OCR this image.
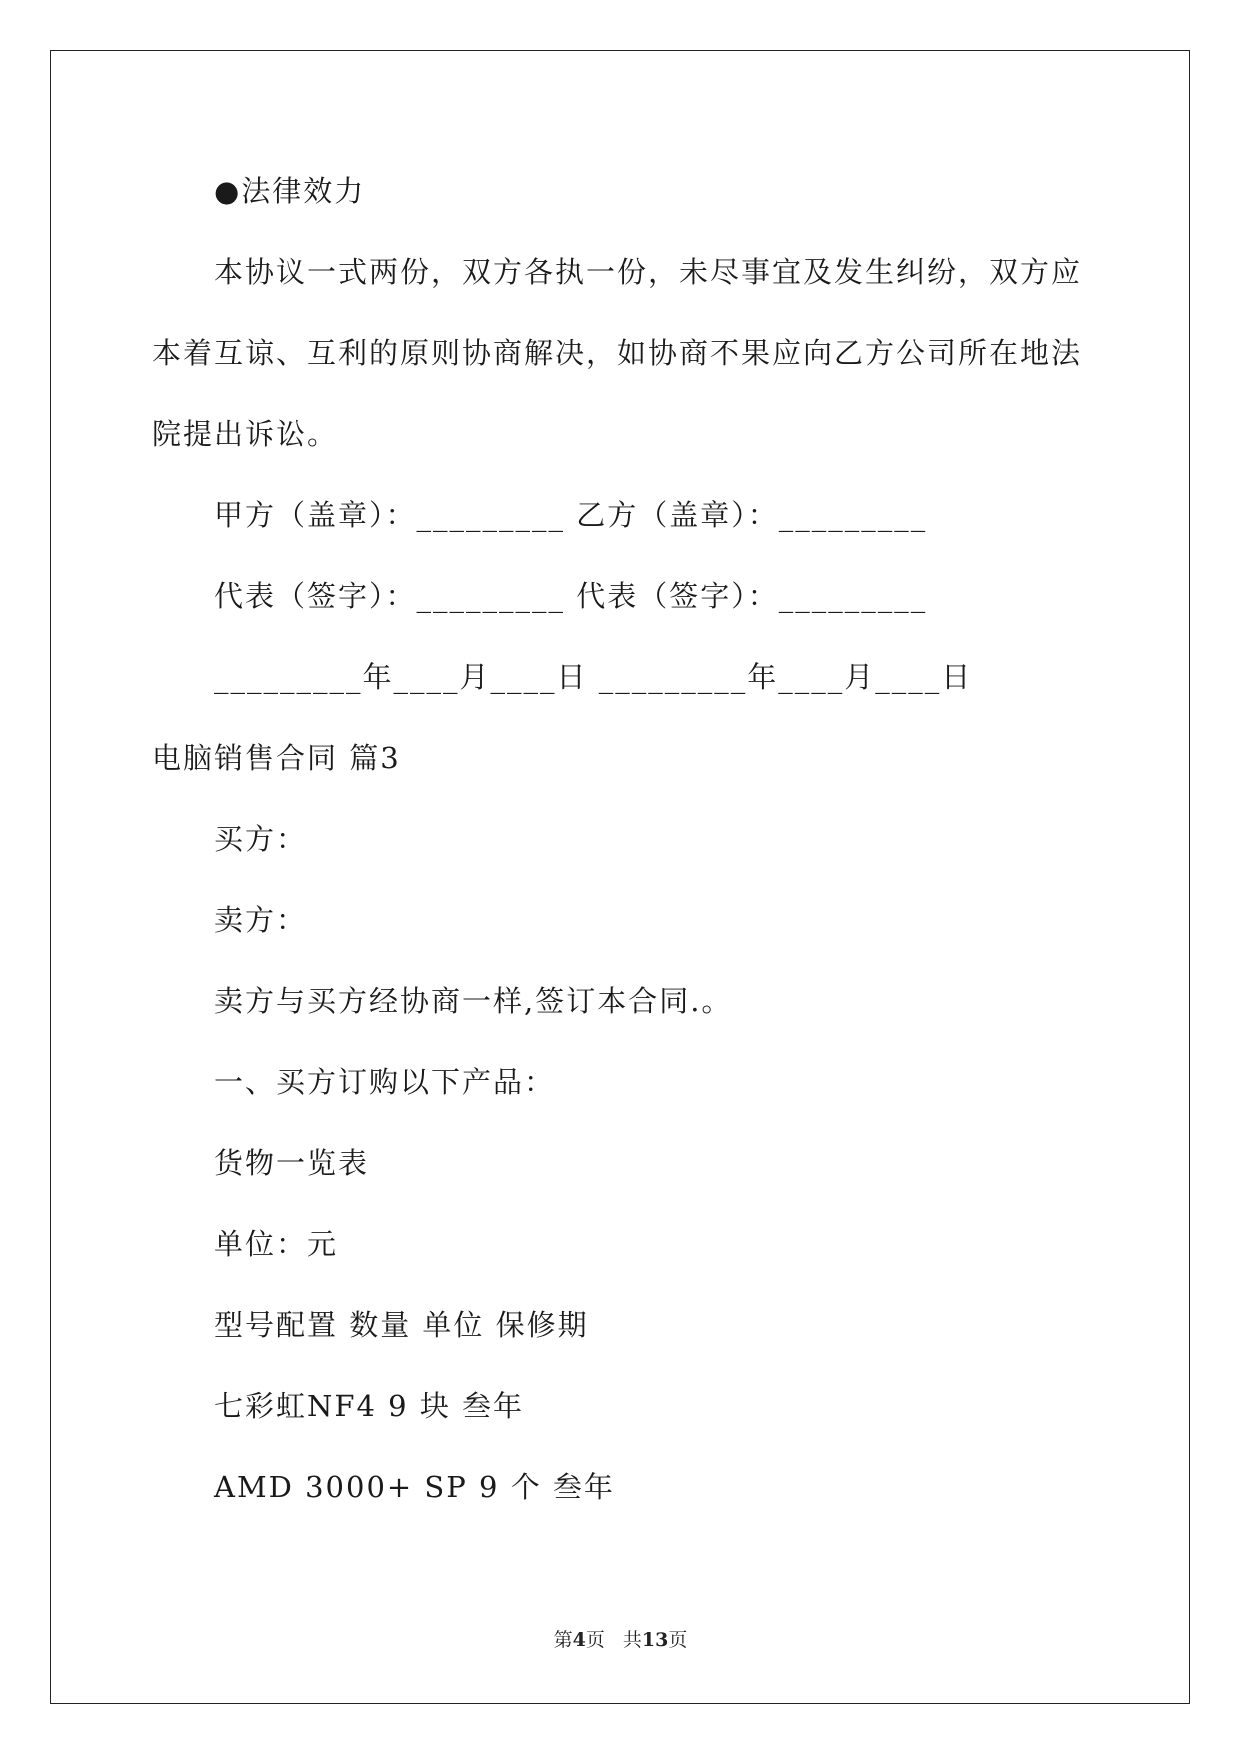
●法律效力
本协议一式两份，双方各执一份，未尽事宜及发生纠纷，双方应
本着互谅、互利的原则协商解决，如协商不果应向乙方公司所在地法
院提出诉讼。
甲方（盖章）：_________ 乙方（盖章）：_________
代表（签字）：_________ 代表（签字）：_________
_________年____月____日 _________年____月____日
电脑销售合同 篇3
买方：
卖方：
卖方与买方经协商一样,签订本合同.。
一、买方订购以下产品：
货物一览表
单位：元
型号配置 数量 单位 保修期
七彩虹NF4 9 块 叁年
AMD 3000+ SP 9 个 叁年
第4页 共13页
